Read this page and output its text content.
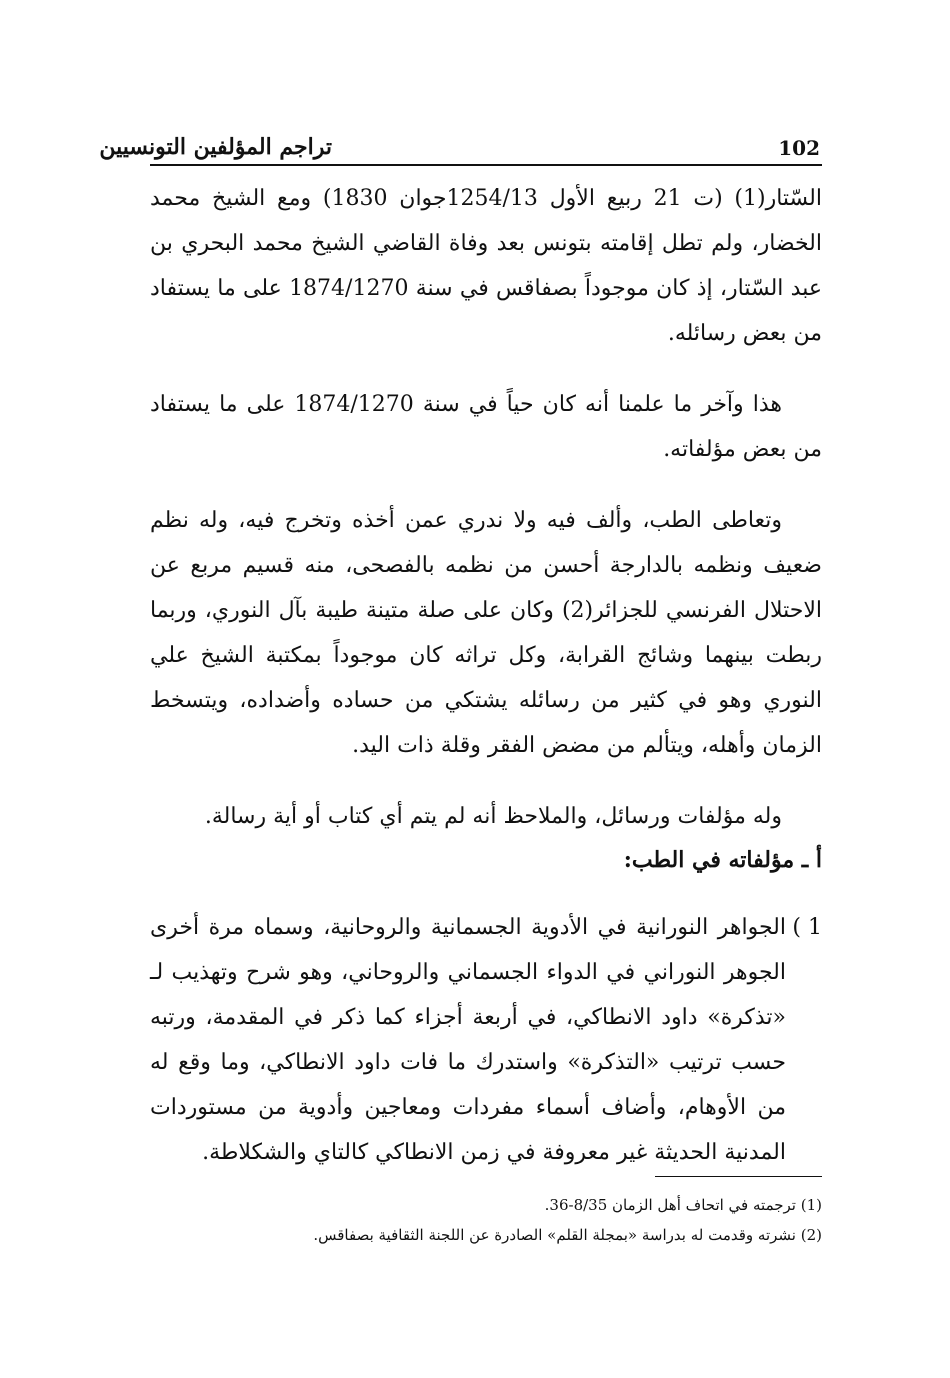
تراجم المؤلفين التونسيين	102

السّتار(1) (ت 21 ربيع الأول 1254/13جوان 1830) ومع الشيخ محمد الخضار، ولم تطل إقامته بتونس بعد وفاة القاضي الشيخ محمد البحري بن عبد السّتار، إذ كان موجوداً بصفاقس في سنة 1874/1270 على ما يستفاد من بعض رسائله.

هذا وآخر ما علمنا أنه كان حياً في سنة 1874/1270 على ما يستفاد من بعض مؤلفاته.

وتعاطى الطب، وألف فيه ولا ندري عمن أخذه وتخرج فيه، وله نظم ضعيف ونظمه بالدارجة أحسن من نظمه بالفصحى، منه قسيم مربع عن الاحتلال الفرنسي للجزائر(2) وكان على صلة متينة طيبة بآل النوري، وربما ربطت بينهما وشائج القرابة، وكل تراثه كان موجوداً بمكتبة الشيخ علي النوري وهو في كثير من رسائله يشتكي من حساده وأضداده، ويتسخط الزمان وأهله، ويتألم من مضض الفقر وقلة ذات اليد.

وله مؤلفات ورسائل، والملاحظ أنه لم يتم أي كتاب أو أية رسالة.

أ ـ مؤلفاته في الطب:
1 )
الجواهر النورانية في الأدوية الجسمانية والروحانية، وسماه مرة أخرى الجوهر النوراني في الدواء الجسماني والروحاني، وهو شرح وتهذيب لـ «تذكرة» داود الانطاكي، في أربعة أجزاء كما ذكر في المقدمة، ورتبه حسب ترتيب «التذكرة» واستدرك ما فات داود الانطاكي، وما وقع له من الأوهام، وأضاف أسماء مفردات ومعاجين وأدوية من مستوردات المدنية الحديثة غير معروفة في زمن الانطاكي كالتاي والشكلاطة.

(1) ترجمته في اتحاف أهل الزمان 8/35-36.

(2) نشرته وقدمت له بدراسة «بمجلة القلم» الصادرة عن اللجنة الثقافية بصفاقس.
